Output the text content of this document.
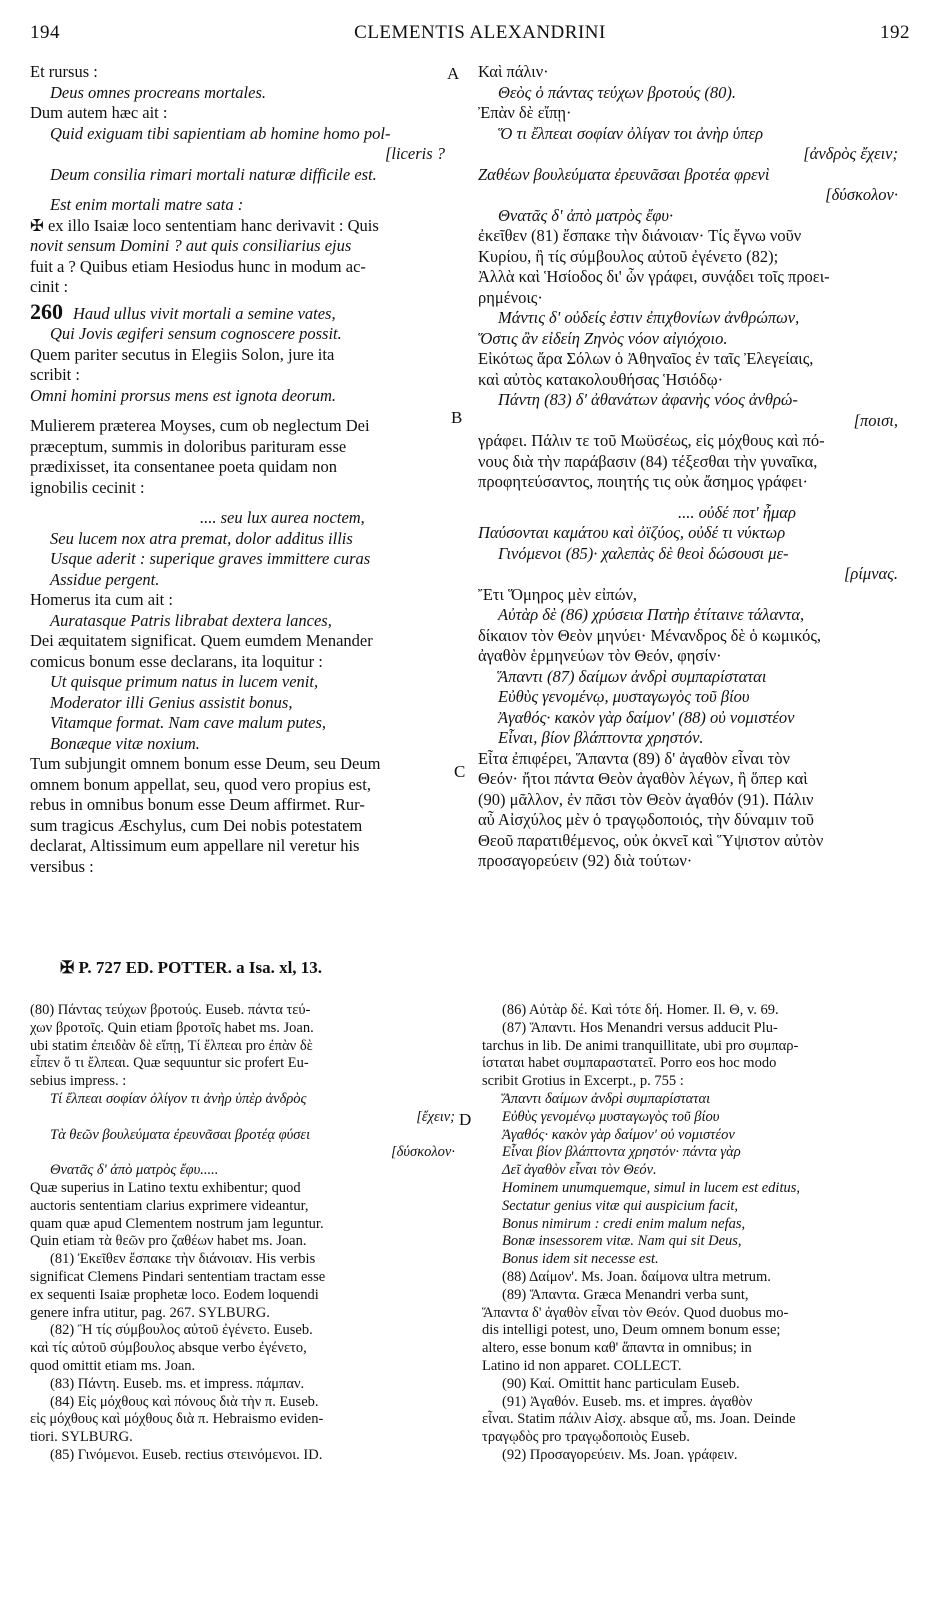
194	CLEMENTIS ALEXANDRINI	192
A
B
C
D

Et rursus :

Deus omnes procreans mortales.

Dum autem hæc ait :

Quid exiguam tibi sapientiam ab homine homo pol-

[liceris ?

Deum consilia rimari mortali naturæ difficile est.

Est enim mortali matre sata :

✠ ex illo Isaiæ loco sententiam hanc derivavit : Quis

novit sensum Domini ? aut quis consiliarius ejus

fuit a ? Quibus etiam Hesiodus hunc in modum ac-

cinit :

260 Haud ullus vivit mortali a semine vates,

Qui Jovis ægiferi sensum cognoscere possit.

Quem pariter secutus in Elegiis Solon, jure ita

scribit :

Omni homini prorsus mens est ignota deorum.

Mulierem præterea Moyses, cum ob neglectum Dei

præceptum, summis in doloribus parituram esse

prædixisset, ita consentanee poeta quidam non

ignobilis cecinit :

.... seu lux aurea noctem,

Seu lucem nox atra premat, dolor additus illis

Usque aderit : superique graves immittere curas

Assidue pergent.

Homerus ita cum ait :

Auratasque Patris librabat dextera lances,

Dei æquitatem significat. Quem eumdem Menander

comicus bonum esse declarans, ita loquitur :

Ut quisque primum natus in lucem venit,

Moderator illi Genius assistit bonus,

Vitamque format. Nam cave malum putes,

Bonæque vitæ noxium.

Tum subjungit omnem bonum esse Deum, seu Deum

omnem bonum appellat, seu, quod vero propius est,

rebus in omnibus bonum esse Deum affirmet. Rur-

sum tragicus Æschylus, cum Dei nobis potestatem

declarat, Altissimum eum appellare nil veretur his

versibus :

Καὶ πάλιν·

Θεὸς ὁ πάντας τεύχων βροτούς (80).

Ἐπὰν δὲ εἴπῃ·

Ὅ τι ἔλπεαι σοφίαν ὀλίγαν τοι ἀνὴρ ὑπερ

[ἀνδρὸς ἔχειν;

Ζαθέων βουλεύματα ἐρευνᾶσαι βροτέα φρενὶ

[δύσκολον·

Θνατᾶς δ' ἀπὸ ματρὸς ἔφυ·

ἐκεῖθεν (81) ἔσπακε τὴν διάνοιαν· Τίς ἔγνω νοῦν

Κυρίου, ἢ τίς σύμβουλος αὐτοῦ ἐγένετο (82);

Ἀλλὰ καὶ Ἡσίοδος δι' ὧν γράφει, συνᾴδει τοῖς προει-

ρημένοις·

Μάντις δ' οὐδείς ἐστιν ἐπιχθονίων ἀνθρώπων,

Ὅστις ἂν εἰδείη Ζηνὸς νόον αἰγιόχοιο.

Εἰκότως ἄρα Σόλων ὁ Ἀθηναῖος ἐν ταῖς Ἐλεγείαις,

καὶ αὐτὸς κατακολουθήσας Ἡσιόδῳ·

Πάντη (83) δ' ἀθανάτων ἀφανὴς νόος ἀνθρώ-

[ποισι,

γράφει. Πάλιν τε τοῦ Μωϋσέως, εἰς μόχθους καὶ πό-

νους διὰ τὴν παράβασιν (84) τέξεσθαι τὴν γυναῖκα,

προφητεύσαντος, ποιητής τις οὐκ ἄσημος γράφει·

.... οὐδέ ποτ' ἦμαρ

Παύσονται καμάτου καὶ ὀϊζύος, οὐδέ τι νύκτωρ

Γινόμενοι (85)· χαλεπὰς δὲ θεοὶ δώσουσι με-

[ρίμνας.

Ἔτι Ὅμηρος μὲν εἰπών,

Αὐτὰρ δὲ (86) χρύσεια Πατὴρ ἐτίταινε τάλαντα,

δίκαιον τὸν Θεὸν μηνύει· Μένανδρος δὲ ὁ κωμικός,

ἀγαθὸν ἑρμηνεύων τὸν Θεόν, φησίν·

Ἅπαντι (87) δαίμων ἀνδρὶ συμπαρίσταται

Εὐθὺς γενομένῳ, μυσταγωγὸς τοῦ βίου

Ἀγαθός· κακὸν γὰρ δαίμον' (88) οὐ νομιστέον

Εἶναι, βίον βλάπτοντα χρηστόν.

Εἶτα ἐπιφέρει, Ἅπαντα (89) δ' ἀγαθὸν εἶναι τὸν

Θεόν· ἤτοι πάντα Θεὸν ἀγαθὸν λέγων, ἢ ὅπερ καὶ

(90) μᾶλλον, ἐν πᾶσι τὸν Θεὸν ἀγαθόν (91). Πάλιν

αὖ Αἰσχύλος μὲν ὁ τραγῳδοποιός, τὴν δύναμιν τοῦ

Θεοῦ παρατιθέμενος, οὐκ ὀκνεῖ καὶ Ὕψιστον αὐτὸν

προσαγορεύειν (92) διὰ τούτων·

✠ P. 727 ED. POTTER. a Isa. xl, 13.

(80) Πάντας τεύχων βροτούς. Euseb. πάντα τεύ-

χων βροτοῖς. Quin etiam βροτοῖς habet ms. Joan.

ubi statim ἐπειδὰν δὲ εἴπῃ, Τί ἔλπεαι pro ἐπὰν δὲ

εἶπεν ὅ τι ἔλπεαι. Quæ sequuntur sic profert Eu-

sebius impress. :

Τί ἔλπεαι σοφίαν ὀλίγον τι ἀνὴρ ὑπὲρ ἀνδρὸς

[ἔχειν;

Τὰ θεῶν βουλεύματα ἐρευνᾶσαι βροτέᾳ φύσει

[δύσκολον·

Θνατᾶς δ' ἀπὸ ματρὸς ἔφυ.....

Quæ superius in Latino textu exhibentur; quod

auctoris sententiam clarius exprimere videantur,

quam quæ apud Clementem nostrum jam leguntur.

Quin etiam τὰ θεῶν pro ζαθέων habet ms. Joan.

(81) Ἐκεῖθεν ἔσπακε τὴν διάνοιαν. His verbis

significat Clemens Pindari sententiam tractam esse

ex sequenti Isaiæ prophetæ loco. Eodem loquendi

genere infra utitur, pag. 267. SYLBURG.

(82) Ἢ τίς σύμβουλος αὐτοῦ ἐγένετο. Euseb.

καὶ τίς αὐτοῦ σύμβουλος absque verbo ἐγένετο,

quod omittit etiam ms. Joan.

(83) Πάντη. Euseb. ms. et impress. πάμπαν.

(84) Εἰς μόχθους καὶ πόνους διὰ τὴν π. Euseb.

εἰς μόχθους καὶ μόχθους διὰ π. Hebraismo eviden-

tiori. SYLBURG.

(85) Γινόμενοι. Euseb. rectius στεινόμενοι. ID.

(86) Αὐτὰρ δέ. Καὶ τότε δή. Homer. Il. Θ, v. 69.

(87) Ἅπαντι. Hos Menandri versus adducit Plu-

tarchus in lib. De animi tranquillitate, ubi pro συμπαρ-

ίσταται habet συμπαραστατεῖ. Porro eos hoc modo

scribit Grotius in Excerpt., p. 755 :

Ἅπαντι δαίμων ἀνδρὶ συμπαρίσταται

Εὐθὺς γενομένῳ μυσταγωγὸς τοῦ βίου

Ἀγαθός· κακὸν γὰρ δαίμον' οὐ νομιστέον

Εἶναι βίον βλάπτοντα χρηστόν· πάντα γὰρ

Δεῖ ἀγαθὸν εἶναι τὸν Θεόν.

Hominem unumquemque, simul in lucem est editus,

Sectatur genius vitæ qui auspicium facit,

Bonus nimirum : credi enim malum nefas,

Bonæ insessorem vitæ. Nam qui sit Deus,

Bonus idem sit necesse est.

(88) Δαίμον'. Ms. Joan. δαίμονα ultra metrum.

(89) Ἅπαντα. Græca Menandri verba sunt,

Ἅπαντα δ' ἀγαθὸν εἶναι τὸν Θεόν. Quod duobus mo-

dis intelligi potest, uno, Deum omnem bonum esse;

altero, esse bonum καθ' ἅπαντα in omnibus; in

Latino id non apparet. COLLECT.

(90) Καί. Omittit hanc particulam Euseb.

(91) Ἀγαθόν. Euseb. ms. et impres. ἀγαθὸν

εἶναι. Statim πάλιν Αἰσχ. absque αὖ, ms. Joan. Deinde

τραγῳδὸς pro τραγῳδοποιὸς Euseb.

(92) Προσαγορεύειν. Ms. Joan. γράφειν.
